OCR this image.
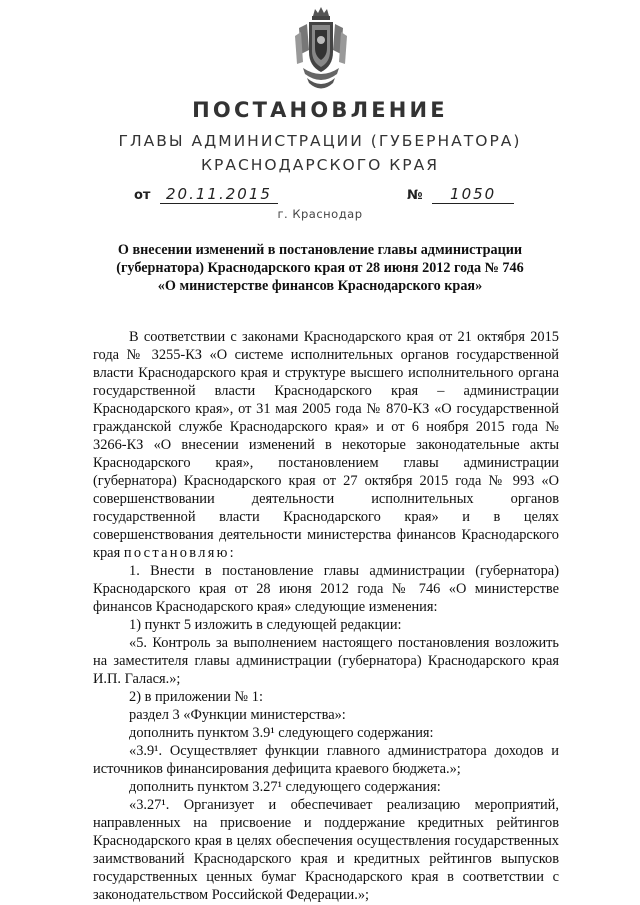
ПОСТАНОВЛЕНИЕ
ГЛАВЫ АДМИНИСТРАЦИИ (ГУБЕРНАТОРА)
КРАСНОДАРСКОГО КРАЯ
от 20.11.2015	№ 1050
г. Краснодар
О внесении изменений в постановление главы администрации
(губернатора) Краснодарского края от 28 июня 2012 года № 746
«О министерстве финансов Краснодарского края»

В соответствии с законами Краснодарского края от 21 октября 2015 года № 3255-КЗ «О системе исполнительных органов государственной власти Краснодарского края и структуре высшего исполнительного органа государственной власти Краснодарского края – администрации Краснодарского края», от 31 мая 2005 года № 870-КЗ «О государственной гражданской службе Краснодарского края» и от 6 ноября 2015 года № 3266-КЗ «О внесении изменений в некоторые законодательные акты Краснодарского края», постановлением главы администрации (губернатора) Краснодарского края от 27 октября 2015 года № 993 «О совершенствовании деятельности исполнительных органов государственной власти Краснодарского края» и в целях совершенствования деятельности министерства финансов Краснодарского края постановляю:

1. Внести в постановление главы администрации (губернатора) Краснодарского края от 28 июня 2012 года № 746 «О министерстве финансов Краснодарского края» следующие изменения:

1) пункт 5 изложить в следующей редакции:

«5. Контроль за выполнением настоящего постановления возложить на заместителя главы администрации (губернатора) Краснодарского края И.П. Галася.»;

2) в приложении № 1:

раздел 3 «Функции министерства»:

дополнить пунктом 3.9¹ следующего содержания:

«3.9¹. Осуществляет функции главного администратора доходов и источников финансирования дефицита краевого бюджета.»;

дополнить пунктом 3.27¹ следующего содержания:

«3.27¹. Организует и обеспечивает реализацию мероприятий, направленных на присвоение и поддержание кредитных рейтингов Краснодарского края в целях обеспечения осуществления государственных заимствований Краснодарского края и кредитных рейтингов выпусков государственных ценных бумаг Краснодарского края в соответствии с законодательством Российской Федерации.»;
